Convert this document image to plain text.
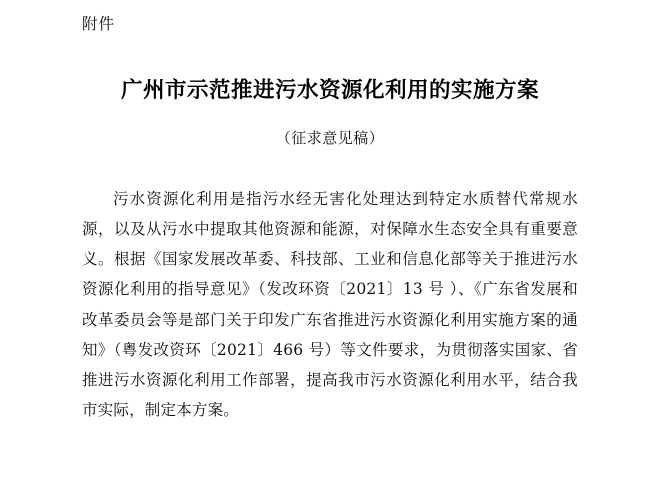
附件
广州市示范推进污水资源化利用的实施方案
（征求意见稿）

污水资源化利用是指污水经无害化处理达到特定水质替代常规水源，以及从污水中提取其他资源和能源，对保障水生态安全具有重要意义。根据《国家发展改革委、科技部、工业和信息化部等关于推进污水资源化利用的指导意见》（发改环资〔2021〕13 号 ）、《广东省发展和改革委员会等是部门关于印发广东省推进污水资源化利用实施方案的通知》（粤发改资环〔2021〕466 号）等文件要求，为贯彻落实国家、省推进污水资源化利用工作部署，提高我市污水资源化利用水平，结合我市实际，制定本方案。
